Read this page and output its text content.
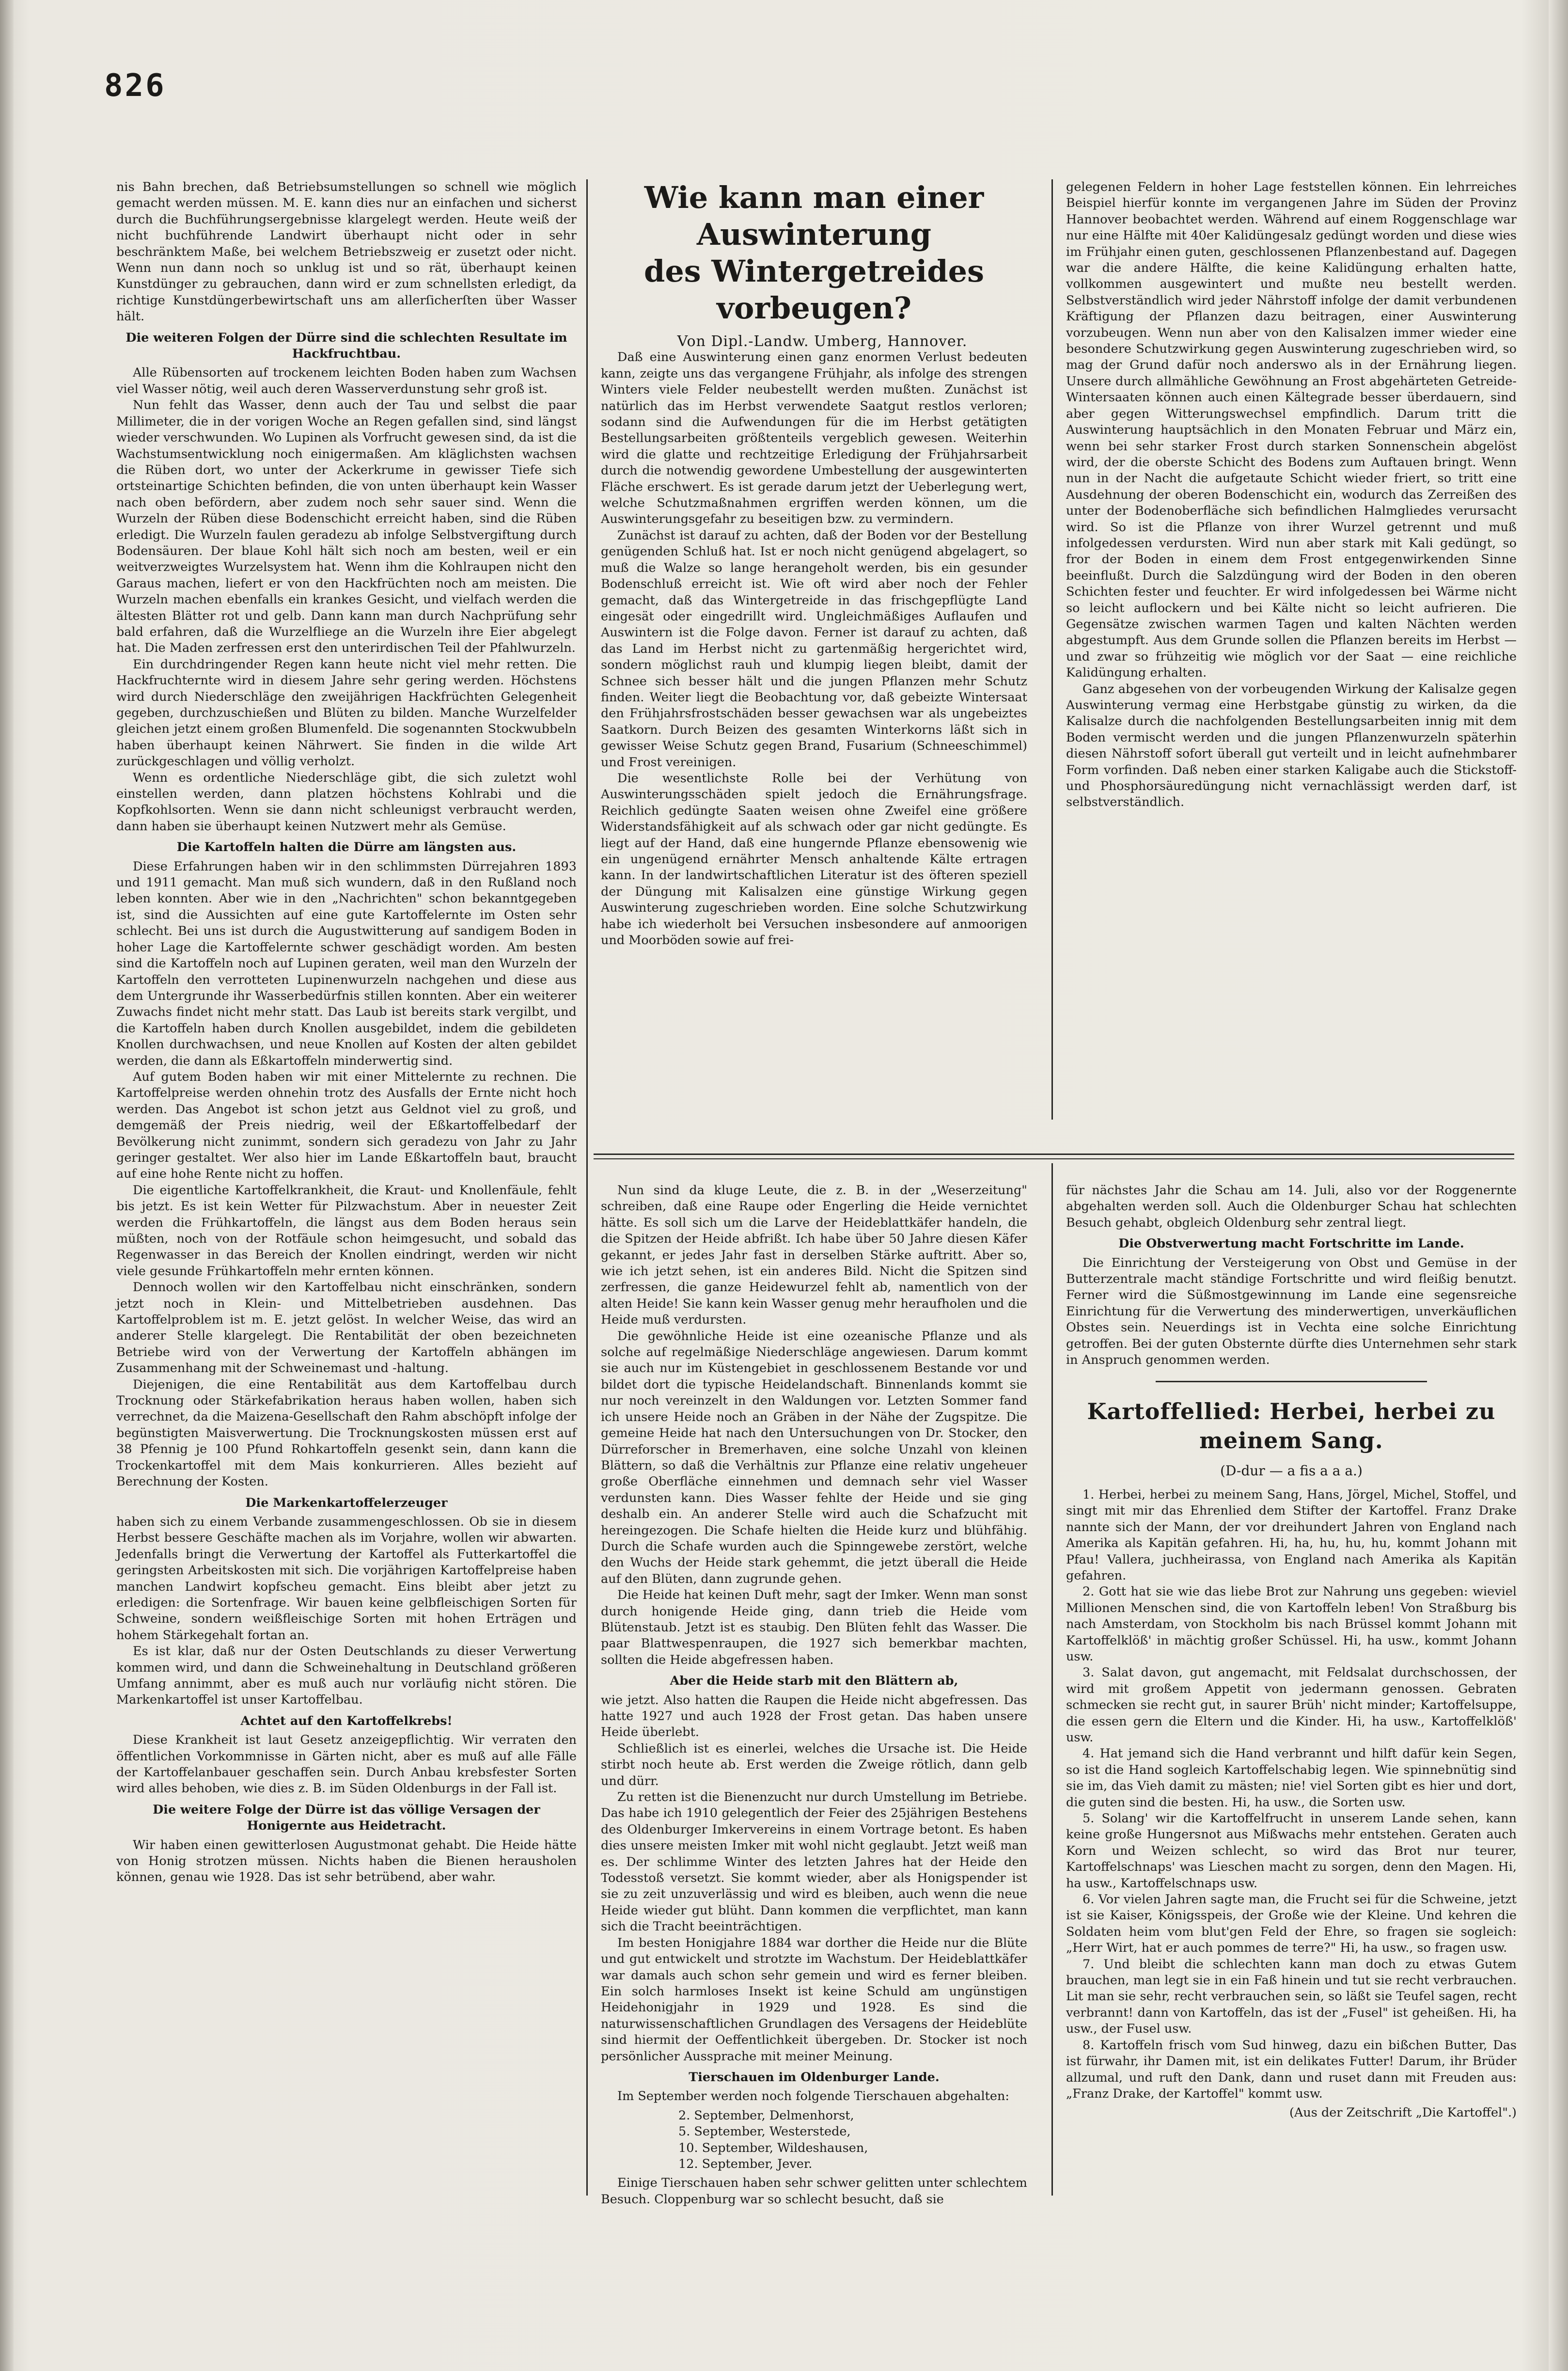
826

nis Bahn brechen, daß Betriebsumstellungen so schnell wie möglich gemacht werden müssen. M. E. kann dies nur an einfachen und sicherst durch die Buchführungsergebnisse klargelegt werden. Heute weiß der nicht buchführende Landwirt überhaupt nicht oder in sehr beschränktem Maße, bei welchem Betriebszweig er zusetzt oder nicht. Wenn nun dann noch so unklug ist und so rät, überhaupt keinen Kunstdünger zu gebrauchen, dann wird er zum schnellsten erledigt, da richtige Kunstdüngerbewirtschaft uns am allerſicherſten über Wasser hält.

Die weiteren Folgen der Dürre sind die schlechten Resultate im Hackfruchtbau.

Alle Rübensorten auf trockenem leichten Boden haben zum Wachsen viel Wasser nötig, weil auch deren Wasserverdunstung sehr groß ist.

Nun fehlt das Wasser, denn auch der Tau und selbst die paar Millimeter, die in der vorigen Woche an Regen gefallen sind, sind längst wieder verschwunden. Wo Lupinen als Vorfrucht gewesen sind, da ist die Wachstumsentwicklung noch einigermaßen. Am kläglichsten wachsen die Rüben dort, wo unter der Ackerkrume in gewisser Tiefe sich ortsteinartige Schichten befinden, die von unten überhaupt kein Wasser nach oben befördern, aber zudem noch sehr sauer sind. Wenn die Wurzeln der Rüben diese Bodenschicht erreicht haben, sind die Rüben erledigt. Die Wurzeln faulen geradezu ab infolge Selbstvergiftung durch Bodensäuren. Der blaue Kohl hält sich noch am besten, weil er ein weitverzweigtes Wurzelsystem hat. Wenn ihm die Kohlraupen nicht den Garaus machen, liefert er von den Hackfrüchten noch am meisten. Die Wurzeln machen ebenfalls ein krankes Gesicht, und vielfach werden die ältesten Blätter rot und gelb. Dann kann man durch Nachprüfung sehr bald erfahren, daß die Wurzelfliege an die Wurzeln ihre Eier abgelegt hat. Die Maden zerfressen erst den unterirdischen Teil der Pfahlwurzeln.

Ein durchdringender Regen kann heute nicht viel mehr retten. Die Hackfruchternte wird in diesem Jahre sehr gering werden. Höchstens wird durch Niederschläge den zweijährigen Hackfrüchten Gelegenheit gegeben, durchzuschießen und Blüten zu bilden. Manche Wurzelfelder gleichen jetzt einem großen Blumenfeld. Die sogenannten Stockwubbeln haben überhaupt keinen Nährwert. Sie finden in die wilde Art zurückgeschlagen und völlig verholzt.

Wenn es ordentliche Niederschläge gibt, die sich zuletzt wohl einstellen werden, dann platzen höchstens Kohlrabi und die Kopfkohlsorten. Wenn sie dann nicht schleunigst verbraucht werden, dann haben sie überhaupt keinen Nutzwert mehr als Gemüse.

Die Kartoffeln halten die Dürre am längsten aus.

Diese Erfahrungen haben wir in den schlimmsten Dürrejahren 1893 und 1911 gemacht. Man muß sich wundern, daß in den Rußland noch leben konnten. Aber wie in den „Nachrichten" schon bekanntgegeben ist, sind die Aussichten auf eine gute Kartoffelernte im Osten sehr schlecht. Bei uns ist durch die Augustwitterung auf sandigem Boden in hoher Lage die Kartoffelernte schwer geschädigt worden. Am besten sind die Kartoffeln noch auf Lupinen geraten, weil man den Wurzeln der Kartoffeln den verrotteten Lupinenwurzeln nachgehen und diese aus dem Untergrunde ihr Wasserbedürfnis stillen konnten. Aber ein weiterer Zuwachs findet nicht mehr statt. Das Laub ist bereits stark vergilbt, und die Kartoffeln haben durch Knollen ausgebildet, indem die gebildeten Knollen durchwachsen, und neue Knollen auf Kosten der alten gebildet werden, die dann als Eßkartoffeln minderwertig sind.

Auf gutem Boden haben wir mit einer Mittelernte zu rechnen. Die Kartoffelpreise werden ohnehin trotz des Ausfalls der Ernte nicht hoch werden. Das Angebot ist schon jetzt aus Geldnot viel zu groß, und demgemäß der Preis niedrig, weil der Eßkartoffelbedarf der Bevölkerung nicht zunimmt, sondern sich geradezu von Jahr zu Jahr geringer gestaltet. Wer also hier im Lande Eßkartoffeln baut, braucht auf eine hohe Rente nicht zu hoffen.

Die eigentliche Kartoffelkrankheit, die Kraut- und Knollenfäule, fehlt bis jetzt. Es ist kein Wetter für Pilzwachstum. Aber in neuester Zeit werden die Frühkartoffeln, die längst aus dem Boden heraus sein müßten, noch von der Rotfäule schon heimgesucht, und sobald das Regenwasser in das Bereich der Knollen eindringt, werden wir nicht viele gesunde Frühkartoffeln mehr ernten können.

Dennoch wollen wir den Kartoffelbau nicht einschränken, sondern jetzt noch in Klein- und Mittelbetrieben ausdehnen. Das Kartoffelproblem ist m. E. jetzt gelöst. In welcher Weise, das wird an anderer Stelle klargelegt. Die Rentabilität der oben bezeichneten Betriebe wird von der Verwertung der Kartoffeln abhängen im Zusammenhang mit der Schweinemast und -haltung.

Diejenigen, die eine Rentabilität aus dem Kartoffelbau durch Trocknung oder Stärkefabrikation heraus haben wollen, haben sich verrechnet, da die Maizena-Gesellschaft den Rahm abschöpft infolge der begünstigten Maisverwertung. Die Trocknungskosten müssen erst auf 38 Pfennig je 100 Pfund Rohkartoffeln gesenkt sein, dann kann die Trockenkartoffel mit dem Mais konkurrieren. Alles bezieht auf Berechnung der Kosten.

Die Markenkartoffelerzeuger

haben sich zu einem Verbande zusammengeschlossen. Ob sie in diesem Herbst bessere Geschäfte machen als im Vorjahre, wollen wir abwarten. Jedenfalls bringt die Verwertung der Kartoffel als Futterkartoffel die geringsten Arbeitskosten mit sich. Die vorjährigen Kartoffelpreise haben manchen Landwirt kopfscheu gemacht. Eins bleibt aber jetzt zu erledigen: die Sortenfrage. Wir bauen keine gelbfleischigen Sorten für Schweine, sondern weißfleischige Sorten mit hohen Erträgen und hohem Stärkegehalt fortan an.

Es ist klar, daß nur der Osten Deutschlands zu dieser Verwertung kommen wird, und dann die Schweinehaltung in Deutschland größeren Umfang annimmt, aber es muß auch nur vorläufig nicht stören. Die Markenkartoffel ist unser Kartoffelbau.

Achtet auf den Kartoffelkrebs!

Diese Krankheit ist laut Gesetz anzeigepflichtig. Wir verraten den öffentlichen Vorkommnisse in Gärten nicht, aber es muß auf alle Fälle der Kartoffelanbauer geschaffen sein. Durch Anbau krebsfester Sorten wird alles behoben, wie dies z. B. im Süden Oldenburgs in der Fall ist.

Die weitere Folge der Dürre ist das völlige Versagen der Honigernte aus Heidetracht.

Wir haben einen gewitterlosen Augustmonat gehabt. Die Heide hätte von Honig strotzen müssen. Nichts haben die Bienen herausholen können, genau wie 1928. Das ist sehr betrübend, aber wahr.

Wie kann man einer Auswinterung
des Wintergetreides vorbeugen?

Von Dipl.-Landw. Umberg, Hannover.

Daß eine Auswinterung einen ganz enormen Verlust bedeuten kann, zeigte uns das vergangene Frühjahr, als infolge des strengen Winters viele Felder neubestellt werden mußten. Zunächst ist natürlich das im Herbst verwendete Saatgut restlos verloren; sodann sind die Aufwendungen für die im Herbst getätigten Bestellungsarbeiten größtenteils vergeblich gewesen. Weiterhin wird die glatte und rechtzeitige Erledigung der Frühjahrsarbeit durch die notwendig gewordene Umbestellung der ausgewinterten Fläche erschwert. Es ist gerade darum jetzt der Ueberlegung wert, welche Schutzmaßnahmen ergriffen werden können, um die Auswinterungsgefahr zu beseitigen bzw. zu vermindern.

Zunächst ist darauf zu achten, daß der Boden vor der Bestellung genügenden Schluß hat. Ist er noch nicht genügend abgelagert, so muß die Walze so lange herangeholt werden, bis ein gesunder Bodenschluß erreicht ist. Wie oft wird aber noch der Fehler gemacht, daß das Wintergetreide in das frischgepflügte Land eingesät oder eingedrillt wird. Ungleichmäßiges Auflaufen und Auswintern ist die Folge davon. Ferner ist darauf zu achten, daß das Land im Herbst nicht zu gartenmäßig hergerichtet wird, sondern möglichst rauh und klumpig liegen bleibt, damit der Schnee sich besser hält und die jungen Pflanzen mehr Schutz finden. Weiter liegt die Beobachtung vor, daß gebeizte Wintersaat den Frühjahrsfrostschäden besser gewachsen war als ungebeiztes Saatkorn. Durch Beizen des gesamten Winterkorns läßt sich in gewisser Weise Schutz gegen Brand, Fusarium (Schneeschimmel) und Frost vereinigen.

Die wesentlichste Rolle bei der Verhütung von Auswinterungsschäden spielt jedoch die Ernährungsfrage. Reichlich gedüngte Saaten weisen ohne Zweifel eine größere Widerstandsfähigkeit auf als schwach oder gar nicht gedüngte. Es liegt auf der Hand, daß eine hungernde Pflanze ebensowenig wie ein ungenügend ernährter Mensch anhaltende Kälte ertragen kann. In der landwirtschaftlichen Literatur ist des öfteren speziell der Düngung mit Kalisalzen eine günstige Wirkung gegen Auswinterung zugeschrieben worden. Eine solche Schutzwirkung habe ich wiederholt bei Versuchen insbesondere auf anmoorigen und Moorböden sowie auf frei-

gelegenen Feldern in hoher Lage feststellen können. Ein lehrreiches Beispiel hierfür konnte im vergangenen Jahre im Süden der Provinz Hannover beobachtet werden. Während auf einem Roggenschlage war nur eine Hälfte mit 40er Kalidüngesalz gedüngt worden und diese wies im Frühjahr einen guten, geschlossenen Pflanzenbestand auf. Dagegen war die andere Hälfte, die keine Kalidüngung erhalten hatte, vollkommen ausgewintert und mußte neu bestellt werden. Selbstverständlich wird jeder Nährstoff infolge der damit verbundenen Kräftigung der Pflanzen dazu beitragen, einer Auswinterung vorzubeugen. Wenn nun aber von den Kalisalzen immer wieder eine besondere Schutzwirkung gegen Auswinterung zugeschrieben wird, so mag der Grund dafür noch anderswo als in der Ernährung liegen. Unsere durch allmähliche Gewöhnung an Frost abgehärteten Getreide-Wintersaaten können auch einen Kältegrade besser überdauern, sind aber gegen Witterungswechsel empfindlich. Darum tritt die Auswinterung hauptsächlich in den Monaten Februar und März ein, wenn bei sehr starker Frost durch starken Sonnenschein abgelöst wird, der die oberste Schicht des Bodens zum Auftauen bringt. Wenn nun in der Nacht die aufgetaute Schicht wieder friert, so tritt eine Ausdehnung der oberen Bodenschicht ein, wodurch das Zerreißen des unter der Bodenoberfläche sich befindlichen Halmgliedes verursacht wird. So ist die Pflanze von ihrer Wurzel getrennt und muß infolgedessen verdursten. Wird nun aber stark mit Kali gedüngt, so fror der Boden in einem dem Frost entgegenwirkenden Sinne beeinflußt. Durch die Salzdüngung wird der Boden in den oberen Schichten fester und feuchter. Er wird infolgedessen bei Wärme nicht so leicht auflockern und bei Kälte nicht so leicht aufrieren. Die Gegensätze zwischen warmen Tagen und kalten Nächten werden abgestumpft. Aus dem Grunde sollen die Pflanzen bereits im Herbst — und zwar so frühzeitig wie möglich vor der Saat — eine reichliche Kalidüngung erhalten.

Ganz abgesehen von der vorbeugenden Wirkung der Kalisalze gegen Auswinterung vermag eine Herbstgabe günstig zu wirken, da die Kalisalze durch die nachfolgenden Bestellungsarbeiten innig mit dem Boden vermischt werden und die jungen Pflanzenwurzeln späterhin diesen Nährstoff sofort überall gut verteilt und in leicht aufnehmbarer Form vorfinden. Daß neben einer starken Kaligabe auch die Stickstoff- und Phosphorsäuredüngung nicht vernachlässigt werden darf, ist selbstverständlich.

Nun sind da kluge Leute, die z. B. in der „Weserzeitung" schreiben, daß eine Raupe oder Engerling die Heide vernichtet hätte. Es soll sich um die Larve der Heideblattkäfer handeln, die die Spitzen der Heide abfrißt. Ich habe über 50 Jahre diesen Käfer gekannt, er jedes Jahr fast in derselben Stärke auftritt. Aber so, wie ich jetzt sehen, ist ein anderes Bild. Nicht die Spitzen sind zerfressen, die ganze Heidewurzel fehlt ab, namentlich von der alten Heide! Sie kann kein Wasser genug mehr heraufholen und die Heide muß verdursten.

Die gewöhnliche Heide ist eine ozeanische Pflanze und als solche auf regelmäßige Niederschläge angewiesen. Darum kommt sie auch nur im Küstengebiet in geschlossenem Bestande vor und bildet dort die typische Heidelandschaft. Binnenlands kommt sie nur noch vereinzelt in den Waldungen vor. Letzten Sommer fand ich unsere Heide noch an Gräben in der Nähe der Zugspitze. Die gemeine Heide hat nach den Untersuchungen von Dr. Stocker, den Dürreforscher in Bremerhaven, eine solche Unzahl von kleinen Blättern, so daß die Verhältnis zur Pflanze eine relativ ungeheuer große Oberfläche einnehmen und demnach sehr viel Wasser verdunsten kann. Dies Wasser fehlte der Heide und sie ging deshalb ein. An anderer Stelle wird auch die Schafzucht mit hereingezogen. Die Schafe hielten die Heide kurz und blühfähig. Durch die Schafe wurden auch die Spinngewebe zerstört, welche den Wuchs der Heide stark gehemmt, die jetzt überall die Heide auf den Blüten, dann zugrunde gehen.

Die Heide hat keinen Duft mehr, sagt der Imker. Wenn man sonst durch honigende Heide ging, dann trieb die Heide vom Blütenstaub. Jetzt ist es staubig. Den Blüten fehlt das Wasser. Die paar Blattwespenraupen, die 1927 sich bemerkbar machten, sollten die Heide abgefressen haben.

Aber die Heide starb mit den Blättern ab,

wie jetzt. Also hatten die Raupen die Heide nicht abgefressen. Das hatte 1927 und auch 1928 der Frost getan. Das haben unsere Heide überlebt.

Schließlich ist es einerlei, welches die Ursache ist. Die Heide stirbt noch heute ab. Erst werden die Zweige rötlich, dann gelb und dürr.

Zu retten ist die Bienenzucht nur durch Umstellung im Betriebe. Das habe ich 1910 gelegentlich der Feier des 25jährigen Bestehens des Oldenburger Imkervereins in einem Vortrage betont. Es haben dies unsere meisten Imker mit wohl nicht geglaubt. Jetzt weiß man es. Der schlimme Winter des letzten Jahres hat der Heide den Todesstoß versetzt. Sie kommt wieder, aber als Honigspender ist sie zu zeit unzuverlässig und wird es bleiben, auch wenn die neue Heide wieder gut blüht. Dann kommen die verpflichtet, man kann sich die Tracht beeinträchtigen.

Im besten Honigjahre 1884 war dorther die Heide nur die Blüte und gut entwickelt und strotzte im Wachstum. Der Heideblattkäfer war damals auch schon sehr gemein und wird es ferner bleiben. Ein solch harmloses Insekt ist keine Schuld am ungünstigen Heidehonigjahr in 1929 und 1928. Es sind die naturwissenschaftlichen Grundlagen des Versagens der Heideblüte sind hiermit der Oeffentlichkeit übergeben. Dr. Stocker ist noch persönlicher Aussprache mit meiner Meinung.

Tierschauen im Oldenburger Lande.

Im September werden noch folgende Tierschauen abgehalten:

2. September, Delmenhorst,
5. September, Westerstede,
10. September, Wildeshausen,
12. September, Jever.

Einige Tierschauen haben sehr schwer gelitten unter schlechtem Besuch. Cloppenburg war so schlecht besucht, daß sie

für nächstes Jahr die Schau am 14. Juli, also vor der Roggenernte abgehalten werden soll. Auch die Oldenburger Schau hat schlechten Besuch gehabt, obgleich Oldenburg sehr zentral liegt.

Die Obstverwertung macht Fortschritte im Lande.

Die Einrichtung der Versteigerung von Obst und Gemüse in der Butterzentrale macht ständige Fortschritte und wird fleißig benutzt. Ferner wird die Süßmostgewinnung im Lande eine segensreiche Einrichtung für die Verwertung des minderwertigen, unverkäuflichen Obstes sein. Neuerdings ist in Vechta eine solche Einrichtung getroffen. Bei der guten Obsternte dürfte dies Unternehmen sehr stark in Anspruch genommen werden.

Kartoffellied: Herbei, herbei zu meinem Sang.
(D-dur — a fis a a a.)

1. Herbei, herbei zu meinem Sang, Hans, Jörgel, Michel, Stoffel, und singt mit mir das Ehrenlied dem Stifter der Kartoffel. Franz Drake nannte sich der Mann, der vor dreihundert Jahren von England nach Amerika als Kapitän gefahren. Hi, ha, hu, hu, hu, kommt Johann mit Pfau! Vallera, juchheirassa, von England nach Amerika als Kapitän gefahren.

2. Gott hat sie wie das liebe Brot zur Nahrung uns gegeben: wieviel Millionen Menschen sind, die von Kartoffeln leben! Von Straßburg bis nach Amsterdam, von Stockholm bis nach Brüssel kommt Johann mit Kartoffelklöß' in mächtig großer Schüssel. Hi, ha usw., kommt Johann usw.

3. Salat davon, gut angemacht, mit Feldsalat durchschossen, der wird mit großem Appetit von jedermann genossen. Gebraten schmecken sie recht gut, in saurer Brüh' nicht minder; Kartoffelsuppe, die essen gern die Eltern und die Kinder. Hi, ha usw., Kartoffelklöß' usw.

4. Hat jemand sich die Hand verbrannt und hilft dafür kein Segen, so ist die Hand sogleich Kartoffelschabig legen. Wie spinnebnütig sind sie im, das Vieh damit zu mästen; nie! viel Sorten gibt es hier und dort, die guten sind die besten. Hi, ha usw., die Sorten usw.

5. Solang' wir die Kartoffelfrucht in unserem Lande sehen, kann keine große Hungersnot aus Mißwachs mehr entstehen. Geraten auch Korn und Weizen schlecht, so wird das Brot nur teurer, Kartoffelschnaps' was Lieschen macht zu sorgen, denn den Magen. Hi, ha usw., Kartoffelschnaps usw.

6. Vor vielen Jahren sagte man, die Frucht sei für die Schweine, jetzt ist sie Kaiser, Königsspeis, der Große wie der Kleine. Und kehren die Soldaten heim vom blut'gen Feld der Ehre, so fragen sie sogleich: „Herr Wirt, hat er auch pommes de terre?" Hi, ha usw., so fragen usw.

7. Und bleibt die schlechten kann man doch zu etwas Gutem brauchen, man legt sie in ein Faß hinein und tut sie recht verbrauchen. Lit man sie sehr, recht verbrauchen sein, so läßt sie Teufel sagen, recht verbrannt! dann von Kartoffeln, das ist der „Fusel" ist geheißen. Hi, ha usw., der Fusel usw.

8. Kartoffeln frisch vom Sud hinweg, dazu ein bißchen Butter, Das ist fürwahr, ihr Damen mit, ist ein delikates Futter! Darum, ihr Brüder allzumal, und ruft den Dank, dann und ruset dann mit Freuden aus: „Franz Drake, der Kartoffel" kommt usw.

(Aus der Zeitschrift „Die Kartoffel".)
